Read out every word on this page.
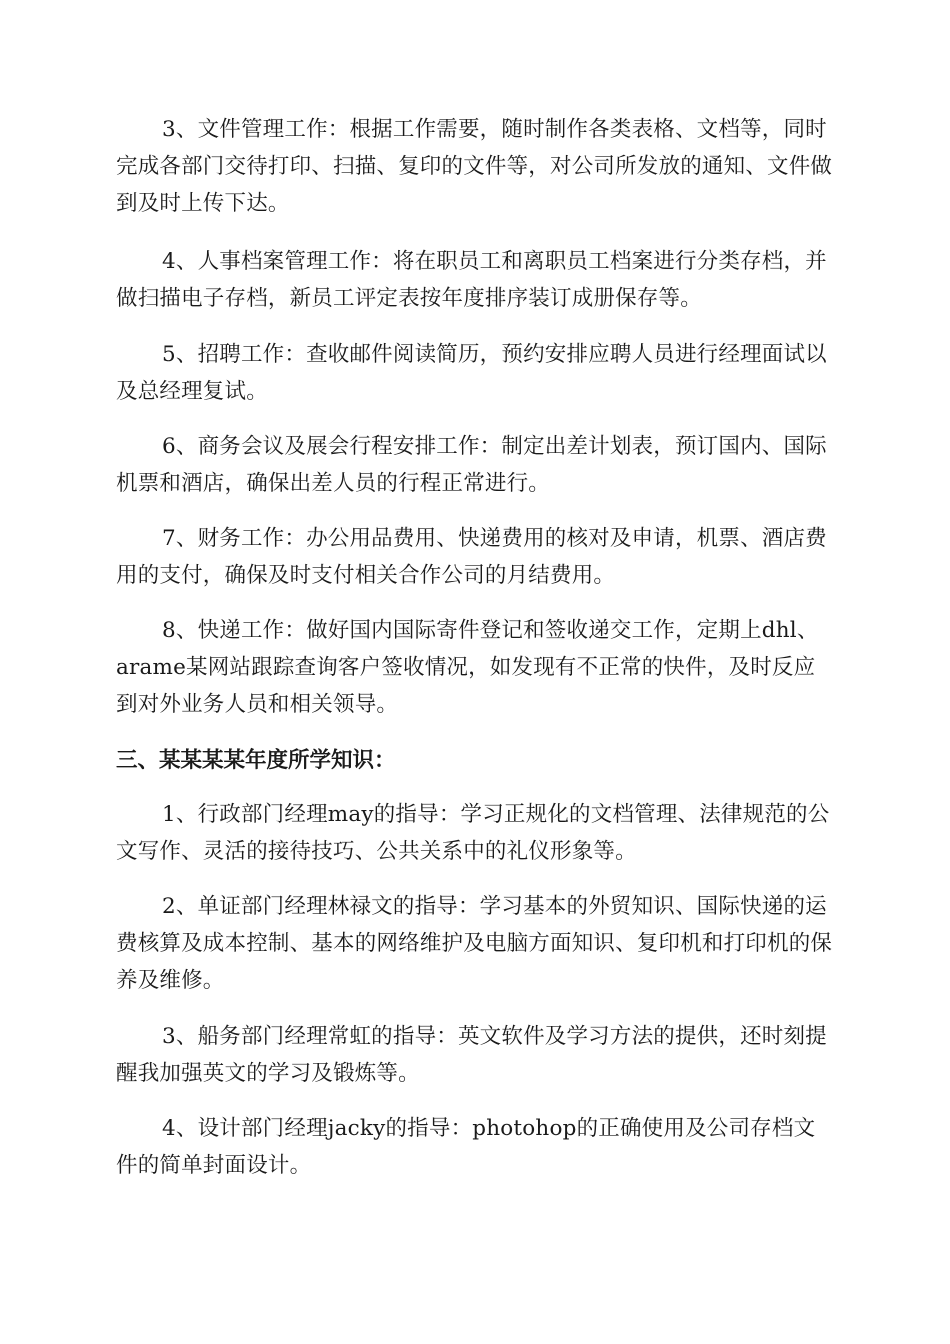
3、文件管理工作：根据工作需要，随时制作各类表格、文档等，同时完成各部门交待打印、扫描、复印的文件等，对公司所发放的通知、文件做到及时上传下达。

4、人事档案管理工作：将在职员工和离职员工档案进行分类存档，并做扫描电子存档，新员工评定表按年度排序装订成册保存等。

5、招聘工作：查收邮件阅读简历，预约安排应聘人员进行经理面试以及总经理复试。

6、商务会议及展会行程安排工作：制定出差计划表，预订国内、国际机票和酒店，确保出差人员的行程正常进行。

7、财务工作：办公用品费用、快递费用的核对及申请，机票、酒店费用的支付，确保及时支付相关合作公司的月结费用。

8、快递工作：做好国内国际寄件登记和签收递交工作，定期上dhl、arame某网站跟踪查询客户签收情况，如发现有不正常的快件，及时反应到对外业务人员和相关领导。

三、某某某某年度所学知识：

1、行政部门经理may的指导：学习正规化的文档管理、法律规范的公文写作、灵活的接待技巧、公共关系中的礼仪形象等。

2、单证部门经理林禄文的指导：学习基本的外贸知识、国际快递的运费核算及成本控制、基本的网络维护及电脑方面知识、复印机和打印机的保养及维修。

3、船务部门经理常虹的指导：英文软件及学习方法的提供，还时刻提醒我加强英文的学习及锻炼等。

4、设计部门经理jacky的指导：photohop的正确使用及公司存档文件的简单封面设计。
